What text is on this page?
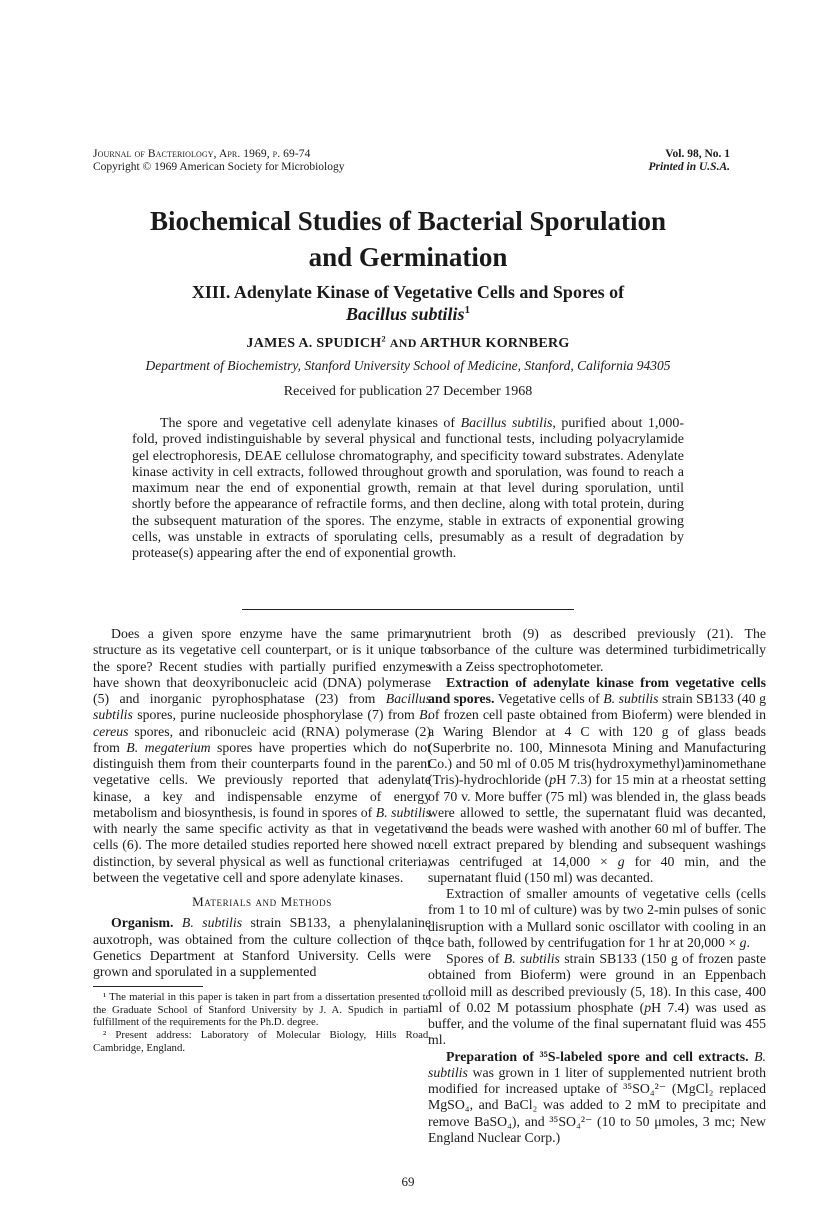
Journal of Bacteriology, Apr. 1969, p. 69-74
Copyright © 1969 American Society for Microbiology
Vol. 98, No. 1
Printed in U.S.A.
Biochemical Studies of Bacterial Sporulation
and Germination
XIII. Adenylate Kinase of Vegetative Cells and Spores of
Bacillus subtilis$^1$
JAMES A. SPUDICH$^2$ AND ARTHUR KORNBERG
Department of Biochemistry, Stanford University School of Medicine, Stanford, California 94305
Received for publication 27 December 1968
The spore and vegetative cell adenylate kinases of Bacillus subtilis, purified about 1,000-fold, proved indistinguishable by several physical and functional tests, including polyacrylamide gel electrophoresis, DEAE cellulose chromatography, and specificity toward substrates. Adenylate kinase activity in cell extracts, followed throughout growth and sporulation, was found to reach a maximum near the end of exponential growth, remain at that level during sporulation, until shortly before the appearance of refractile forms, and then decline, along with total protein, during the subsequent maturation of the spores. The enzyme, stable in extracts of exponential growing cells, was unstable in extracts of sporulating cells, presumably as a result of degradation by protease(s) appearing after the end of exponential growth.

Does a given spore enzyme have the same primary structure as its vegetative cell counterpart, or is it unique to the spore? Recent studies with partially purified enzymes have shown that deoxyribonucleic acid (DNA) polymerase (5) and inorganic pyrophosphatase (23) from Bacillus subtilis spores, purine nucleoside phosphorylase (7) from B. cereus spores, and ribonucleic acid (RNA) polymerase (2) from B. megaterium spores have properties which do not distinguish them from their counterparts found in the parent vegetative cells. We previously reported that adenylate kinase, a key and indispensable enzyme of energy metabolism and biosynthesis, is found in spores of B. subtilis with nearly the same specific activity as that in vegetative cells (6). The more detailed studies reported here showed no distinction, by several physical as well as functional criteria, between the vegetative cell and spore adenylate kinases.

Materials and Methods

Organism. B. subtilis strain SB133, a phenylalanine auxotroph, was obtained from the culture collection of the Genetics Department at Stanford University. Cells were grown and sporulated in a supplemented

¹ The material in this paper is taken in part from a dissertation presented to the Graduate School of Stanford University by J. A. Spudich in partial fulfillment of the requirements for the Ph.D. degree.

² Present address: Laboratory of Molecular Biology, Hills Road, Cambridge, England.

nutrient broth (9) as described previously (21). The absorbance of the culture was determined turbidimetrically with a Zeiss spectrophotometer.

Extraction of adenylate kinase from vegetative cells and spores. Vegetative cells of B. subtilis strain SB133 (40 g of frozen cell paste obtained from Bioferm) were blended in a Waring Blendor at 4 C with 120 g of glass beads (Superbrite no. 100, Minnesota Mining and Manufacturing Co.) and 50 ml of 0.05 M tris(hydroxymethyl)aminomethane (Tris)-hydrochloride (pH 7.3) for 15 min at a rheostat setting of 70 v. More buffer (75 ml) was blended in, the glass beads were allowed to settle, the supernatant fluid was decanted, and the beads were washed with another 60 ml of buffer. The cell extract prepared by blending and subsequent washings was centrifuged at 14,000 × g for 40 min, and the supernatant fluid (150 ml) was decanted.

Extraction of smaller amounts of vegetative cells (cells from 1 to 10 ml of culture) was by two 2-min pulses of sonic disruption with a Mullard sonic oscillator with cooling in an ice bath, followed by centrifugation for 1 hr at 20,000 × g.

Spores of B. subtilis strain SB133 (150 g of frozen paste obtained from Bioferm) were ground in an Eppenbach colloid mill as described previously (5, 18). In this case, 400 ml of 0.02 M potassium phosphate (pH 7.4) was used as buffer, and the volume of the final supernatant fluid was 455 ml.

Preparation of ³⁵S-labeled spore and cell extracts. B. subtilis was grown in 1 liter of supplemented nutrient broth modified for increased uptake of ³⁵SO₄²⁻ (MgCl₂ replaced MgSO₄, and BaCl₂ was added to 2 mM to precipitate and remove BaSO₄), and ³⁵SO₄²⁻ (10 to 50 μmoles, 3 mc; New England Nuclear Corp.)

69
